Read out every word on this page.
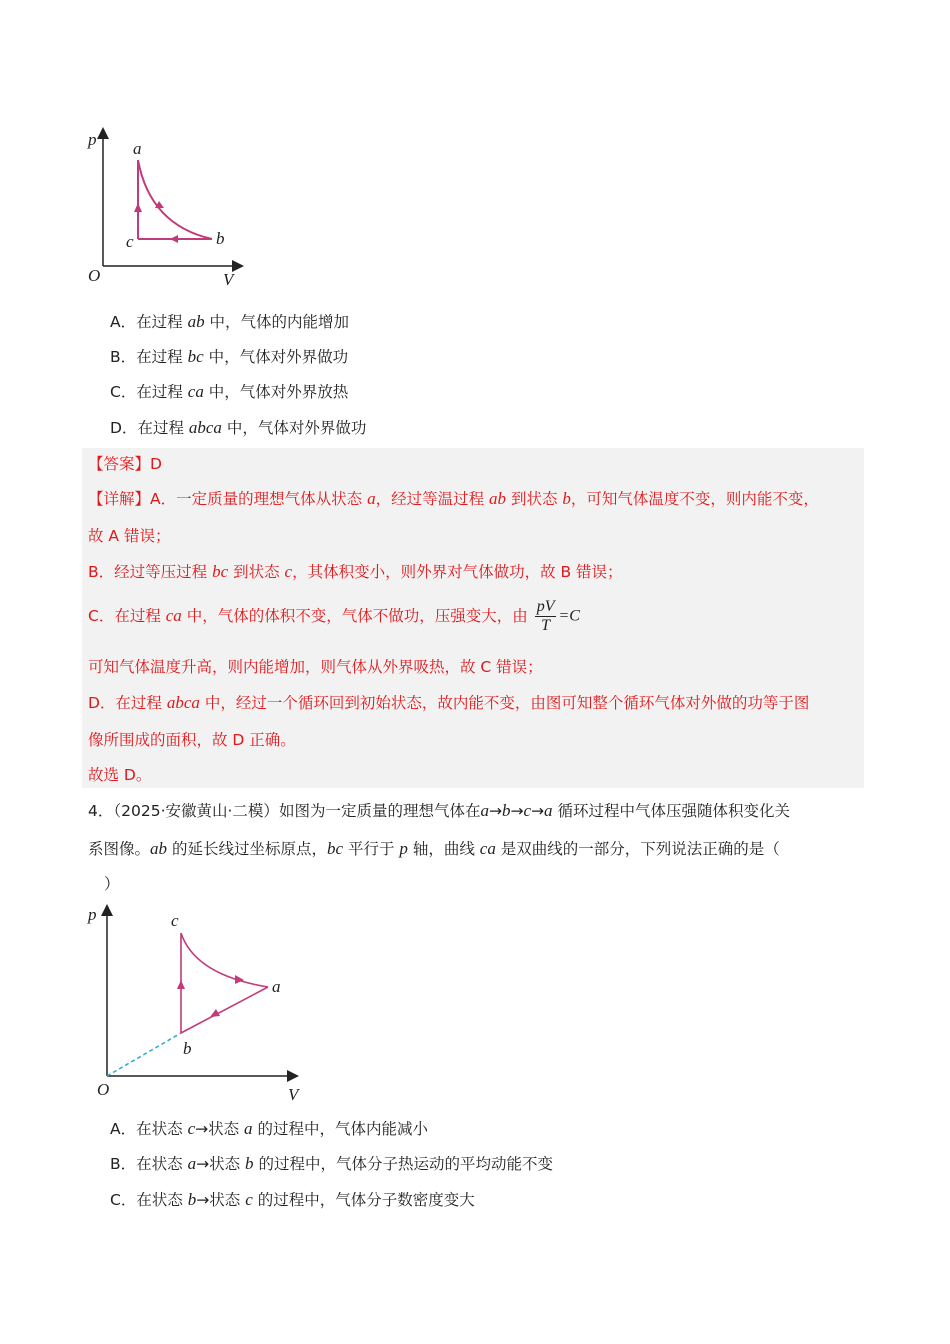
p
O	V
a
b
c
A．在过程 ab 中，气体的内能增加
B．在过程 bc 中，气体对外界做功
C．在过程 ca 中，气体对外界放热
D．在过程 abca 中，气体对外界做功
【答案】D
【详解】A．一定质量的理想气体从状态 a，经过等温过程 ab 到状态 b，可知气体温度不变，则内能不变，
故 A 错误；
B．经过等压过程 bc 到状态 c，其体积变小，则外界对气体做功，故 B 错误；
C．在过程 ca 中，气体的体积不变，气体不做功，压强变大，由 $\frac{pV}{T} =C$
可知气体温度升高，则内能增加，则气体从外界吸热，故 C 错误；
D．在过程 abca 中，经过一个循环回到初始状态，故内能不变，由图可知整个循环气体对外做的功等于图
像所围成的面积，故 D 正确。
故选 D。
4．（2025·安徽黄山·二模）如图为一定质量的理想气体在a→b→c→a 循环过程中气体压强随体积变化关
系图像。ab 的延长线过坐标原点，bc 平行于 p 轴，曲线 ca 是双曲线的一部分，下列说法正确的是（
）
p
O	V
c
a
b
A．在状态 c→状态 a 的过程中，气体内能减小
B．在状态 a→状态 b 的过程中，气体分子热运动的平均动能不变
C．在状态 b→状态 c 的过程中，气体分子数密度变大
